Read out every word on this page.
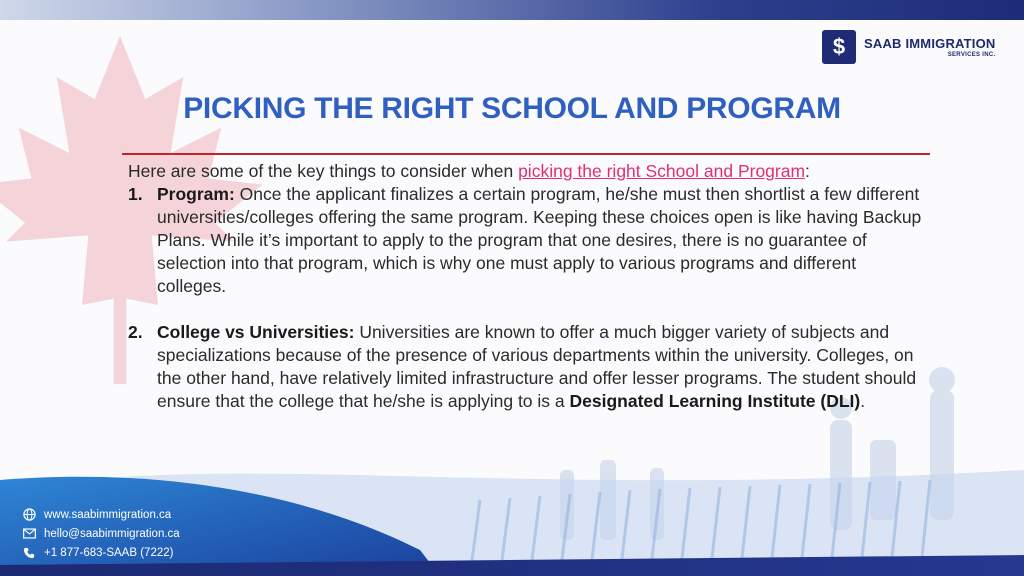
$	SAAB IMMIGRATION
SERVICES INC.
PICKING THE RIGHT SCHOOL AND PROGRAM
Here are some of the key things to consider when picking the right School and Program:
1. Program: Once the applicant finalizes a certain program, he/she must then shortlist a few different universities/colleges offering the same program. Keeping these choices open is like having Backup Plans. While it’s important to apply to the program that one desires, there is no guarantee of selection into that program, which is why one must apply to various programs and different colleges.
2. College vs Universities: Universities are known to offer a much bigger variety of subjects and specializations because of the presence of various departments within the university. Colleges, on the other hand, have relatively limited infrastructure and offer lesser programs. The student should ensure that the college that he/she is applying to is a Designated Learning Institute (DLI).
www.saabimmigration.ca
hello@saabimmigration.ca
+1 877-683-SAAB (7222)
